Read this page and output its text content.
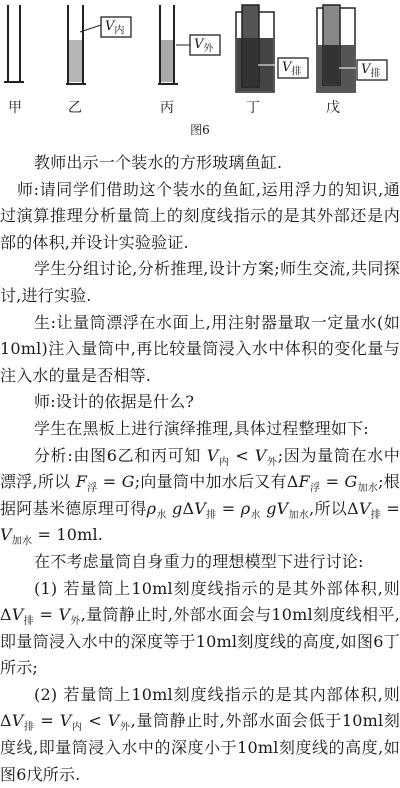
$V_内$
$V_外$
$V_排$	$V_排$
甲	乙	丙	丁	戊
图6

教师出示一个装水的方形玻璃鱼缸.

师:请同学们借助这个装水的鱼缸,运用浮力的知识,通过演算推理分析量筒上的刻度线指示的是其外部还是内部的体积,并设计实验验证.

学生分组讨论,分析推理,设计方案;师生交流,共同探讨,进行实验.

生:让量筒漂浮在水面上,用注射器量取一定量水(如10ml)注入量筒中,再比较量筒浸入水中体积的变化量与注入水的量是否相等.

师:设计的依据是什么?

学生在黑板上进行演绎推理,具体过程整理如下:

分析:由图6乙和丙可知 $V_内 < V_外$;因为量筒在水中漂浮,所以 $F_浮 = G$;向量筒中加水后又有$\Delta F_浮 = G_{加水}$;根据阿基米德原理可得$\rho_水$ $g\Delta V_排 = \rho_水$ $gV_{加水}$,所以$\Delta V_排 = V_{加水} = 10ml$.

在不考虑量筒自身重力的理想模型下进行讨论:

(1) 若量筒上10ml刻度线指示的是其外部体积,则$\Delta V_排 = V_外$,量筒静止时,外部水面会与10ml刻度线相平,即量筒浸入水中的深度等于10ml刻度线的高度,如图6丁所示;

(2) 若量筒上10ml刻度线指示的是其内部体积,则$\Delta V_排 = V_内 < V_外$,量筒静止时,外部水面会低于10ml刻度线,即量筒浸入水中的深度小于10ml刻度线的高度,如图6戊所示.
